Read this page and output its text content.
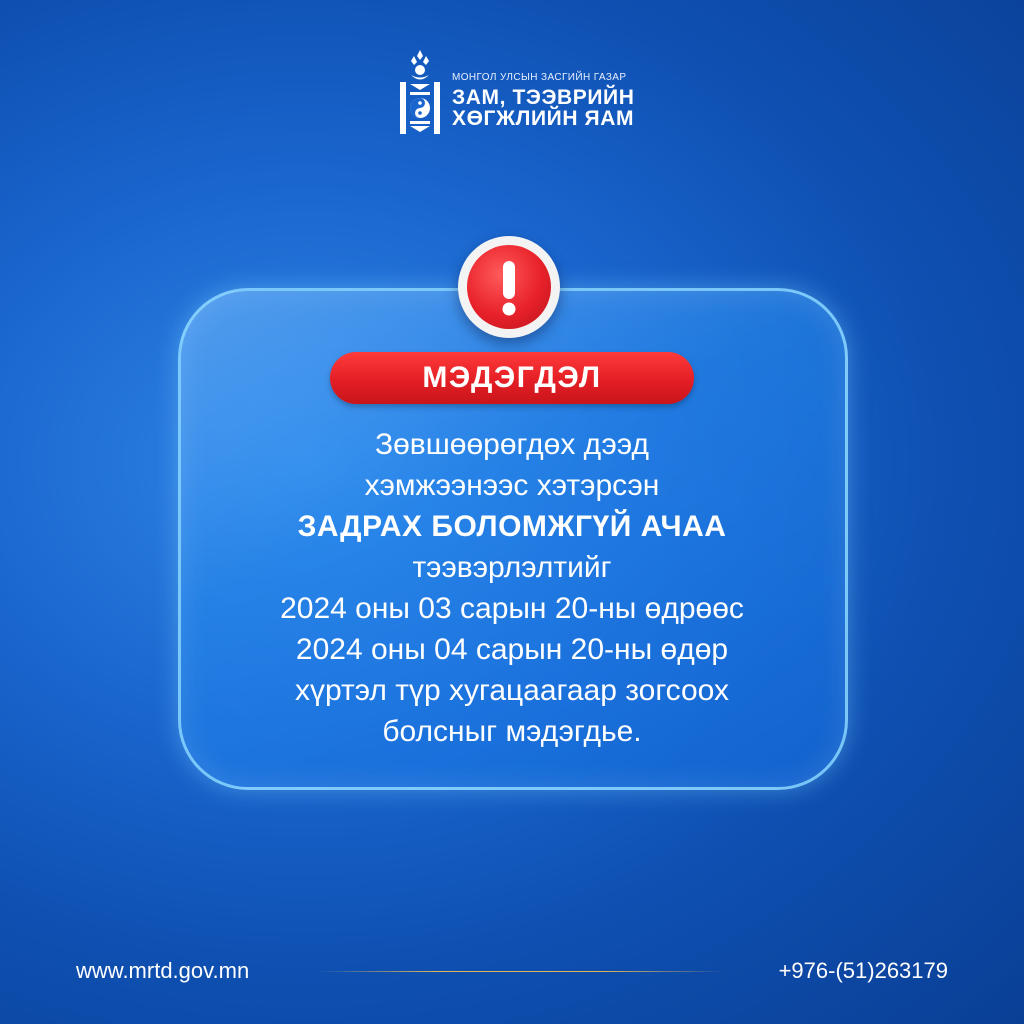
МОНГОЛ УЛСЫН ЗАСГИЙН ГАЗАР
ЗАМ, ТЭЭВРИЙН
ХӨГЖЛИЙН ЯАМ
МЭДЭГДЭЛ
Зөвшөөрөгдөх дээд
хэмжээнээс хэтэрсэн
ЗАДРАХ БОЛОМЖГҮЙ АЧАА
тээвэрлэлтийг
2024 оны 03 сарын 20-ны өдрөөс
2024 оны 04 сарын 20-ны өдөр
хүртэл түр хугацаагаар зогсоох
болсныг мэдэгдье.
www.mrtd.gov.mn	+976-(51)263179
